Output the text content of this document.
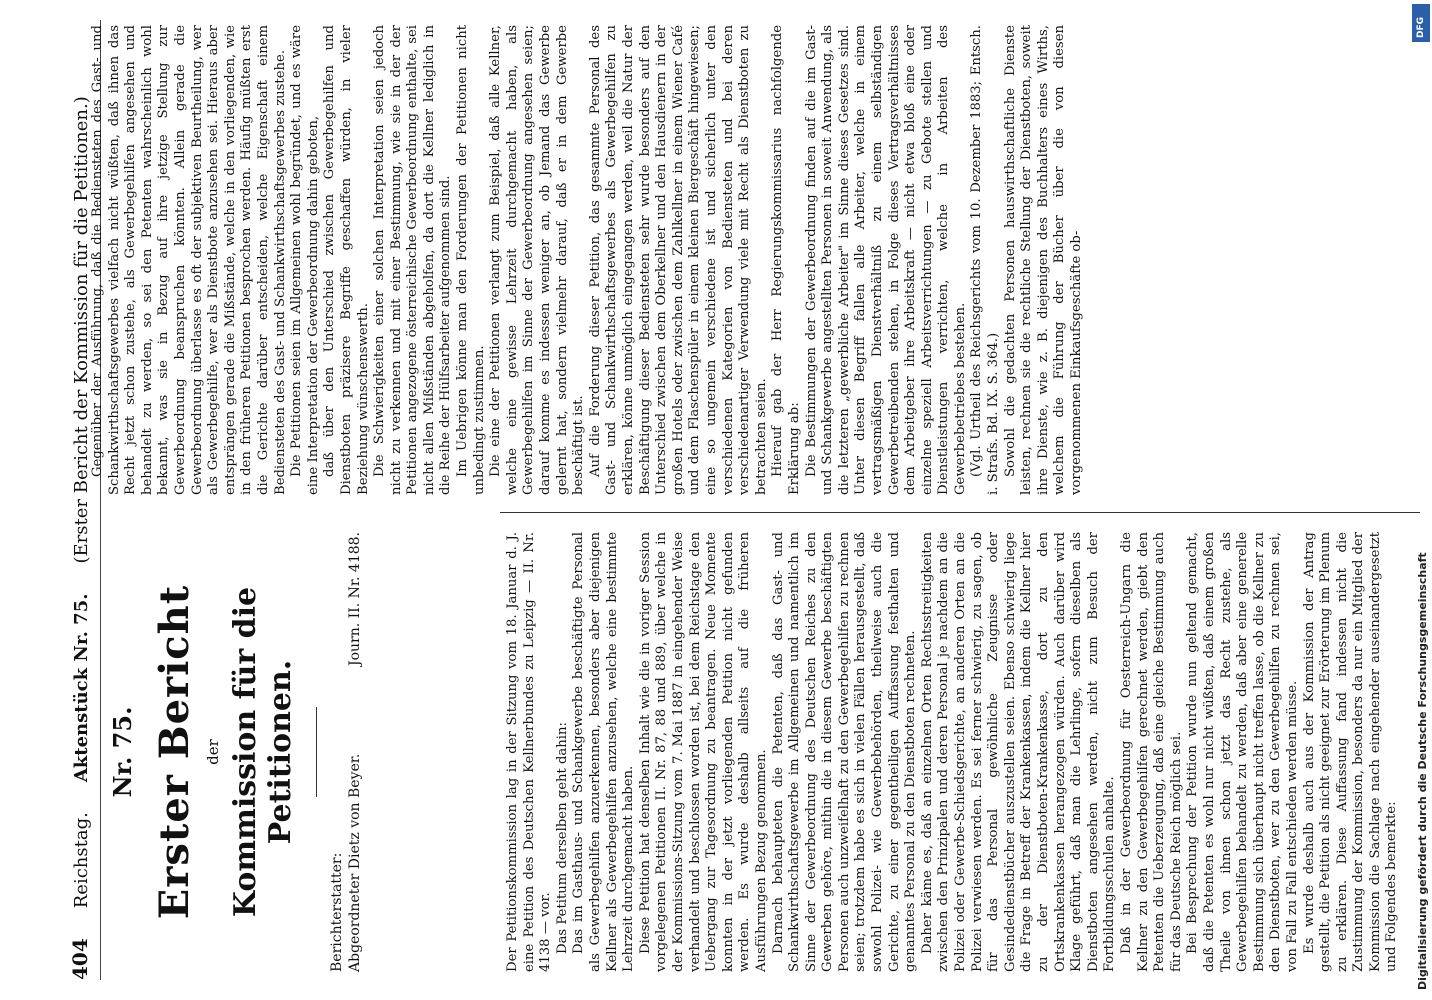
404
Reichstag.
Aktenstück Nr. 75.
(Erster Bericht der Kommission für die Petitionen.)
Nr. 75. Erster Bericht der Kommission für die Petitionen.
Berichterstatter: Abgeordneter Dietz von Beyer.
Journ. II. Nr. 4188.	Der Petitionskommission lag in der Sitzung vom 18. Januar d. J. eine Petition des Deutschen Kellnerbundes zu Leipzig — II. Nr. 4138 — vor. Das Petitum derselben geht dahin: Das im Gasthaus- und Schankgewerbe beschäftigte Personal als Gewerbegehilfen anzuerkennen, besonders aber diejenigen Kellner als Gewerbegehilfen anzusehen, welche eine bestimmte Lehrzeit durchgemacht haben. Diese Petition hat denselben Inhalt wie die in voriger Session vorgelegenen Petitionen II. Nr. 87, 88 und 889, über welche in der Kommissions-Sitzung vom 7. Mai 1887 in eingehender Weise verhandelt und beschlossen worden ist, bei dem Reichstage den Uebergang zur Tagesordnung zu beantragen. Neue Momente konnten in der jetzt vorliegenden Petition nicht gefunden werden. Es wurde deshalb allseits auf die früheren Ausführungen Bezug genommen. Darnach behaupteten die Petenten, daß das Gast- und Schankwirthschaftsgewerbe im Allgemeinen und namentlich im Sinne der Gewerbeordnung des Deutschen Reiches zu den Gewerben gehöre, mithin die in diesem Gewerbe beschäftigten Personen auch unzweifelhaft zu den Gewerbegehilfen zu rechnen seien; trotzdem habe es sich in vielen Fällen herausgestellt, daß sowohl Polizei- wie Gewerbebehörden, theilweise auch die Gerichte, zu einer gegentheiligen Auffassung festhalten und genanntes Personal zu den Dienstboten rechneten. Daher käme es, daß an einzelnen Orten Rechtsstreitigkeiten zwischen den Prinzipalen und deren Personal je nachdem an die Polizei oder Gewerbe-Schiedsgerichte, an anderen Orten an die Polizei verwiesen werden. Es sei ferner schwierig, zu sagen, ob für das Personal gewöhnliche Zeugnisse oder Gesindedienstbücher auszustellen seien. Ebenso schwierig liege die Frage in Betreff der Krankenkassen, indem die Kellner hier zu der Dienstboten-Krankenkasse, dort zu den Ortskrankenkassen herangezogen würden. Auch darüber wird Klage geführt, daß man die Lehrlinge, sofern dieselben als Dienstboten angesehen werden, nicht zum Besuch der Fortbildungsschulen anhalte. Daß in der Gewerbeordnung für Oesterreich-Ungarn die Kellner zu den Gewerbegehilfen gerechnet werden, giebt den Petenten die Ueberzeugung, daß eine gleiche Bestimmung auch für das Deutsche Reich möglich sei. Bei Besprechung der Petition wurde nun geltend gemacht, daß die Petenten es wohl nur nicht wüßten, daß einem großen Theile von ihnen schon jetzt das Recht zustehe, als Gewerbegehilfen behandelt zu werden, daß aber eine generelle Bestimmung sich überhaupt nicht treffen lasse, ob die Kellner zu den Dienstboten, wer zu den Gewerbegehilfen zu rechnen sei, von Fall zu Fall entschieden werden müsse. Es wurde deshalb auch aus der Kommission der Antrag gestellt, die Petition als nicht geeignet zur Erörterung im Plenum zu erklären. Diese Auffassung fand indessen nicht die Zustimmung der Kommission, besonders da nur ein Mitglied der Kommission die Sachlage nach eingehender auseinandergesetzt und Folgendes bemerkte:

Gegenüber der Ausführung, daß die Bediensteten des Gast- und Schankwirthschaftsgewerbes vielfach nicht wüßten, daß ihnen das Recht jetzt schon zustehe, als Gewerbegehilfen angesehen und behandelt zu werden, so sei den Petenten wahrscheinlich wohl bekannt, was sie in Bezug auf ihre jetzige Stellung zur Gewerbeordnung beanspruchen könnten. Allein gerade die Gewerbeordnung überlasse es oft der subjektiven Beurtheilung, wer als Gewerbegehilfe, wer als Dienstbote anzusehen sei. Hieraus aber entsprängen gerade die Mißstände, welche in den vorliegenden, wie in den früheren Petitionen besprochen werden. Häufig müßten erst die Gerichte darüber entscheiden, welche Eigenschaft einem Bediensteten des Gast- und Schankwirthschaftsgewerbes zustehe. Die Petitionen seien im Allgemeinen wohl begründet, und es wäre eine Interpretation der Gewerbeordnung dahin geboten, daß über den Unterschied zwischen Gewerbegehilfen und Dienstboten präzisere Begriffe geschaffen würden, in vieler Beziehung wünschenswerth. Die Schwierigkeiten einer solchen Interpretation seien jedoch nicht zu verkennen und mit einer Bestimmung, wie sie in der der Petitionen angezogene österreichische Gewerbeordnung enthalte, sei nicht allen Mißständen abgeholfen, da dort die Kellner lediglich in die Reihe der Hülfsarbeiter aufgenommen sind. Im Uebrigen könne man den Forderungen der Petitionen nicht unbedingt zustimmen. Die eine der Petitionen verlangt zum Beispiel, daß alle Kellner, welche eine gewisse Lehrzeit durchgemacht haben, als Gewerbegehilfen im Sinne der Gewerbeordnung angesehen seien; darauf komme es indessen weniger an, ob Jemand das Gewerbe gelernt hat, sondern vielmehr darauf, daß er in dem Gewerbe beschäftigt ist. Auf die Forderung dieser Petition, das gesammte Personal des Gast- und Schankwirthschaftsgewerbes als Gewerbegehilfen zu erklären, könne unmöglich eingegangen werden, weil die Natur der Beschäftigung dieser Bediensteten sehr wurde besonders auf den Unterschied zwischen dem Oberkellner und den Hausdienern in der großen Hotels oder zwischen dem Zahlkellner in einem Wiener Café und dem Flaschenspüler in einem kleinen Biergeschäft hingewiesen; eine so ungemein verschiedene ist und sicherlich unter den verschiedenen Kategorien von Bediensteten und bei deren verschiedenartiger Verwendung viele mit Recht als Dienstboten zu betrachten seien. Hierauf gab der Herr Regierungskommissarius nachfolgende Erklärung ab: Die Bestimmungen der Gewerbeordnung finden auf die im Gast- und Schankgewerbe angestellten Personen in soweit Anwendung, als die letzteren „gewerbliche Arbeiter" im Sinne dieses Gesetzes sind. Unter diesen Begriff fallen alle Arbeiter, welche in einem vertragsmäßigen Dienstverhältniß zu einem selbständigen Gewerbetreibenden stehen, in Folge dieses Vertragsverhältnisses dem Arbeitgeber ihre Arbeitskraft — nicht etwa bloß eine oder einzelne speziell Arbeitsverrichtungen — zu Gebote stellen und Dienstleistungen verrichten, welche in Arbeiten des Gewerbebetriebes bestehen. (Vgl. Urtheil des Reichsgerichts vom 10. Dezember 1883; Entsch. i. Strafs. Bd. IX. S. 364.) Sowohl die gedachten Personen hauswirthschaftliche Dienste leisten, rechnen sie die rechtliche Stellung der Dienstboten, soweit ihre Dienste, wie z. B. diejenigen des Buchhalters eines Wirths, welchem die Führung der Bücher über die von diesen vorgenommenen Einkaufsgeschäfte ob-

DFG
Digitalisierung gefördert durch die Deutsche Forschungsgemeinschaft
